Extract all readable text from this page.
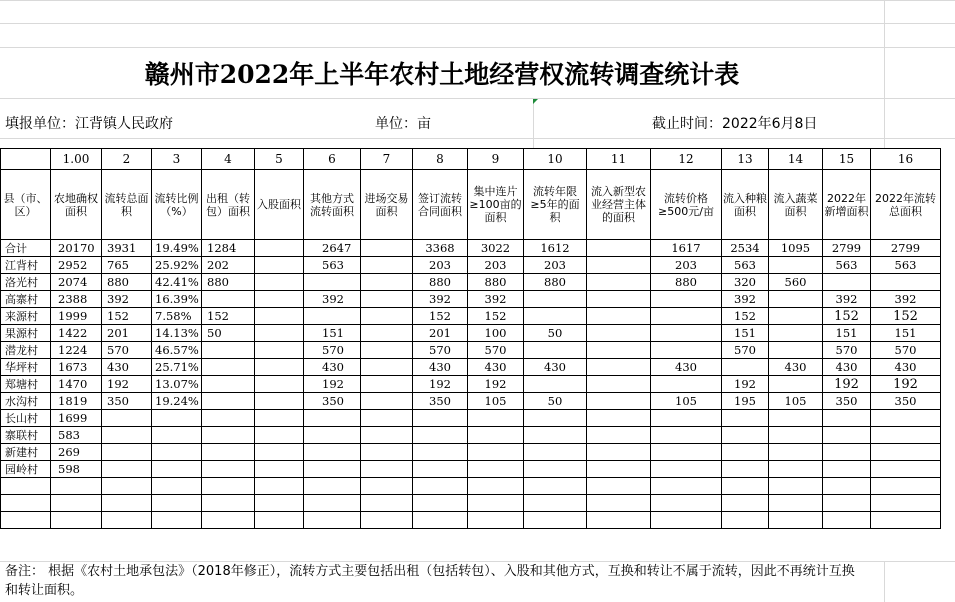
赣州市2022年上半年农村土地经营权流转调查统计表
填报单位：江背镇人民政府	单位：亩	截止时间：2022年6月8日
	1.00	2	3	4	5	6	7	8	9	10	11	12	13	14	15	16
县（市、区）	农地确权面积	流转总面积	流转比例（%）	出租（转包）面积	入股面积	其他方式流转面积	进场交易面积	签订流转合同面积	集中连片≥100亩的面积	流转年限≥5年的面积	流入新型农业经营主体的面积	流转价格≥500元/亩	流入种粮面积	流入蔬菜面积	2022年新增面积	2022年流转总面积
合计	20170	3931	19.49%	1284		2647		3368	3022	1612		1617	2534	1095	2799	2799
江背村	2952	765	25.92%	202		563		203	203	203		203	563		563	563
洛光村	2074	880	42.41%	880				880	880	880		880	320	560		
高寨村	2388	392	16.39%			392		392	392				392		392	392
来源村	1999	152	7.58%	152				152	152				152		152	152
果源村	1422	201	14.13%	50		151		201	100	50			151		151	151
潜龙村	1224	570	46.57%			570		570	570				570		570	570
华坪村	1673	430	25.71%			430		430	430	430		430		430	430	430
郑塘村	1470	192	13.07%			192		192	192				192		192	192
水沟村	1819	350	19.24%			350		350	105	50		105	195	105	350	350
长山村	1699															
寨联村	583															
新建村	269															
园岭村	598															

备注： 根据《农村土地承包法》（2018年修正），流转方式主要包括出租（包括转包）、入股和其他方式，互换和转让不属于流转，因此不再统计互换和转让面积。
